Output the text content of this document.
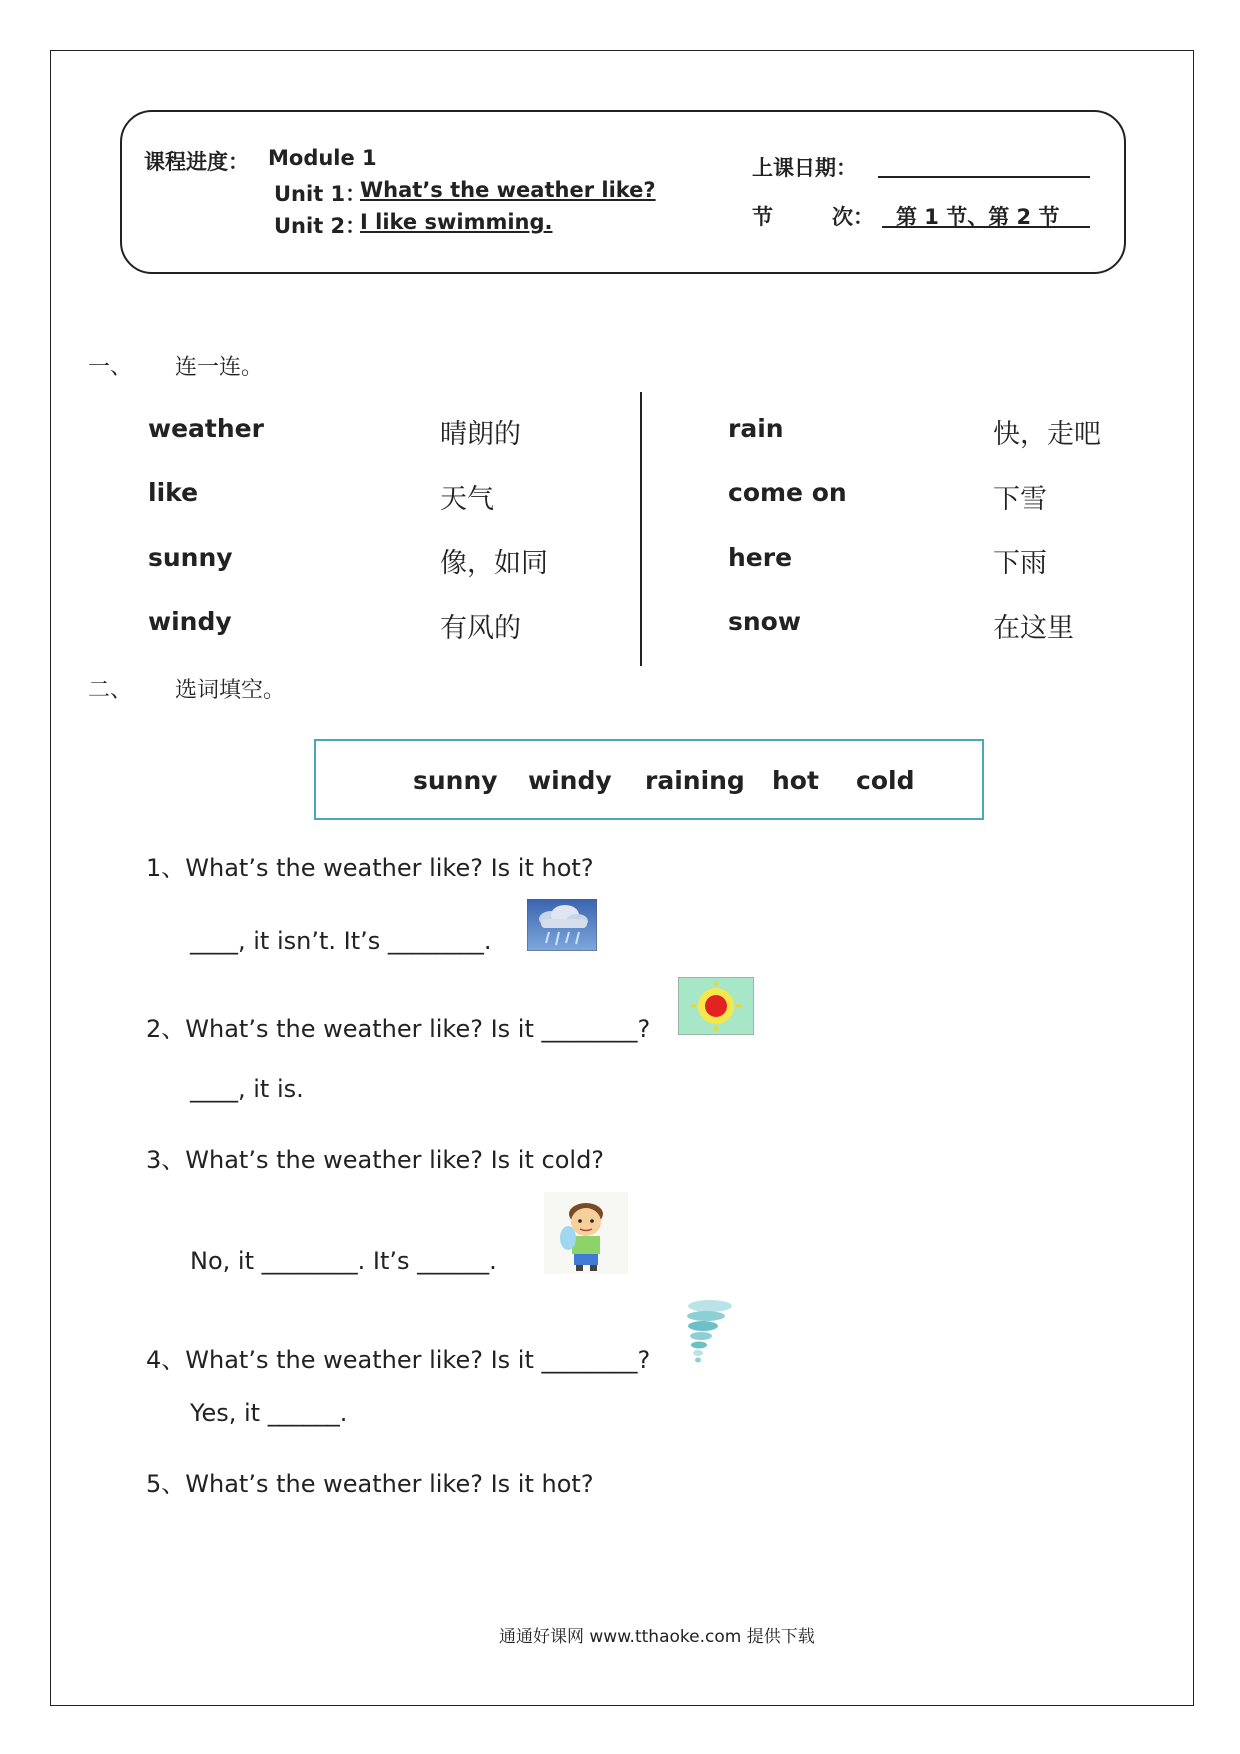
课程进度： Module 1
Unit 1：
What’s the weather like?
Unit 2：
I like swimming.
上课日期：
节	次： 第 1 节、第 2 节
一、 连一连。
weather
like
sunny
windy
晴朗的
天气
像，如同
有风的
rain
come on
here
snow
快，走吧
下雪
下雨
在这里
二、 选词填空。
sunny windy raining hot cold
1、What’s the weather like? Is it hot?
____, it isn’t. It’s ________.
2、What’s the weather like? Is it ________?
____, it is.
3、What’s the weather like? Is it cold?
No, it ________. It’s ______.
4、What’s the weather like? Is it ________?
Yes, it ______.
5、What’s the weather like? Is it hot?
通通好课网 www.tthaoke.com 提供下载
